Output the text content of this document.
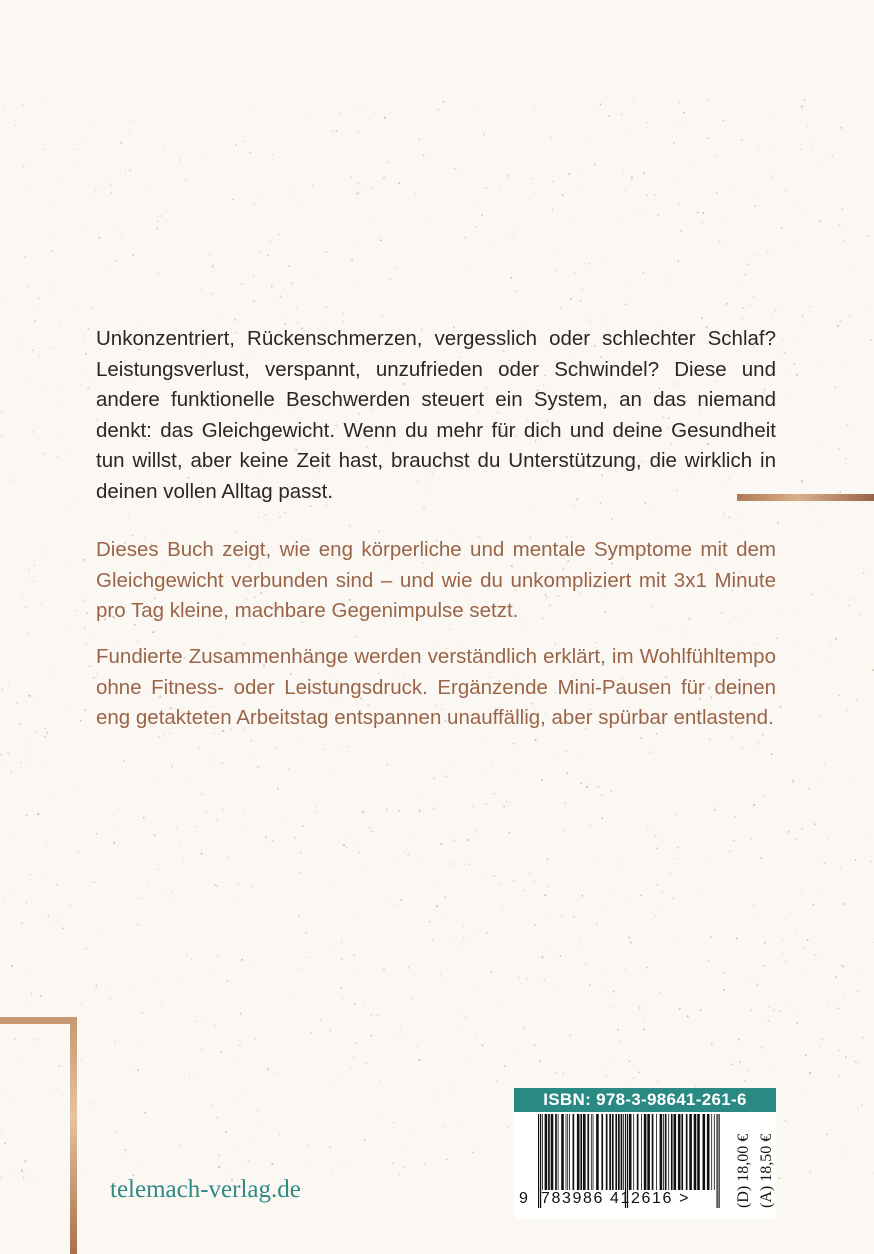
Unkonzentriert, Rückenschmerzen, vergesslich oder schlechter Schlaf? Leistungsverlust, verspannt, unzufrieden oder Schwindel? Diese und andere funktionelle Beschwerden steuert ein System, an das niemand denkt: das Gleichgewicht. Wenn du mehr für dich und deine Gesundheit tun willst, aber keine Zeit hast, brauchst du Unterstützung, die wirklich in deinen vollen Alltag passt.

Dieses Buch zeigt, wie eng körperliche und mentale Symptome mit dem Gleichgewicht verbunden sind – und wie du unkompliziert mit 3x1 Minute pro Tag kleine, machbare Gegenimpulse setzt.

Fundierte Zusammenhänge werden verständlich erklärt, im Wohlfühltempo ohne Fitness- oder Leistungsdruck. Ergänzende Mini-Pausen für deinen eng getakteten Arbeitstag entspannen unauffällig, aber spürbar entlastend.

telemach-verlag.de
ISBN: 978-3-98641-261-6
9 783986 412616 >	(D) 18,00 € (A) 18,50 €
